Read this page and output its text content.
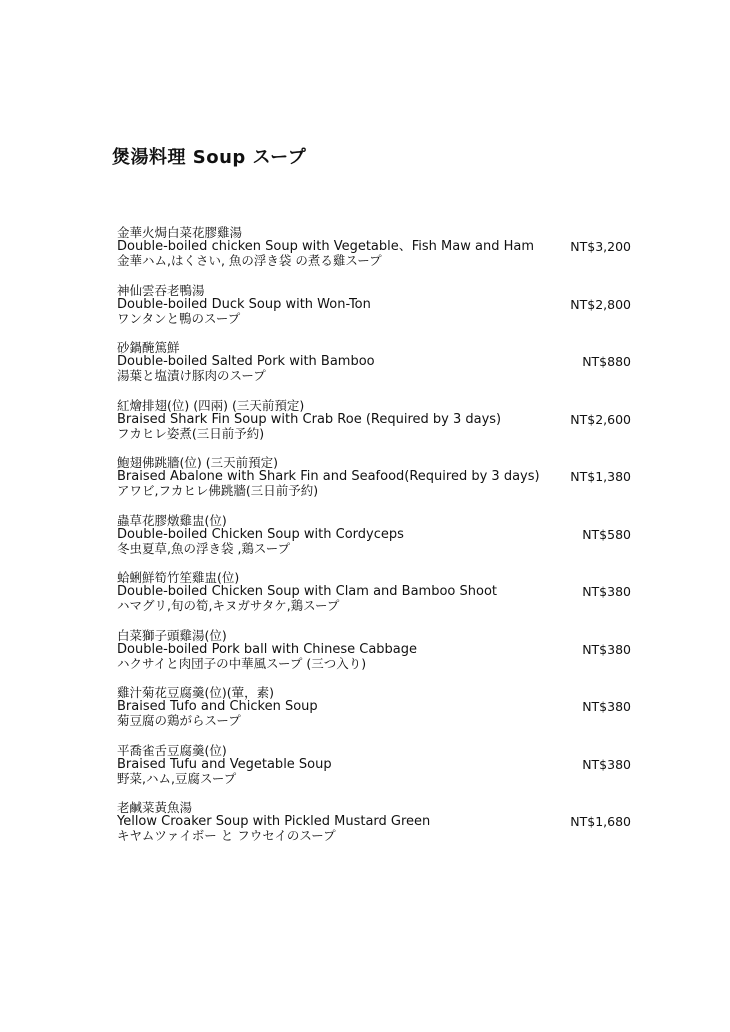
煲湯料理 Soup スープ
金華火焗白菜花膠雞湯
Double-boiled chicken Soup with Vegetable、Fish Maw and Ham
金華ハム,はくさい, 魚の浮き袋 の煮る雞スープ
NT$3,200
神仙雲吞老鴨湯
Double-boiled Duck Soup with Won-Ton
ワンタンと鴨のスープ
NT$2,800
砂鍋醃篤鮮
Double-boiled Salted Pork with Bamboo
湯葉と塩漬け豚肉のスープ
NT$880
紅燴排翅(位) (四兩) (三天前預定)
Braised Shark Fin Soup with Crab Roe (Required by 3 days)
フカヒレ姿煮(三日前予約)
NT$2,600
鮑翅佛跳牆(位) (三天前預定)
Braised Abalone with Shark Fin and Seafood(Required by 3 days)
アワビ,フカヒレ佛跳牆(三日前予約)
NT$1,380
蟲草花膠燉雞盅(位)
Double-boiled Chicken Soup with Cordyceps
冬虫夏草,魚の浮き袋 ,鶏スープ
NT$580
蛤蜊鮮筍竹笙雞盅(位)
Double-boiled Chicken Soup with Clam and Bamboo Shoot
ハマグリ,旬の筍,キヌガサタケ,鶏スープ
NT$380
白菜獅子頭雞湯(位)
Double-boiled Pork ball with Chinese Cabbage
ハクサイと肉団子の中華風スープ (三つ入り)
NT$380
雞汁菊花豆腐羹(位)(葷，素)
Braised Tufo and Chicken Soup
菊豆腐の鶏がらスープ
NT$380
平喬雀舌豆腐羹(位)
Braised Tufu and Vegetable Soup
野菜,ハム,豆腐スープ
NT$380
老鹹菜黃魚湯
Yellow Croaker Soup with Pickled Mustard Green
キヤムツァイボー と フウセイのスープ
NT$1,680
